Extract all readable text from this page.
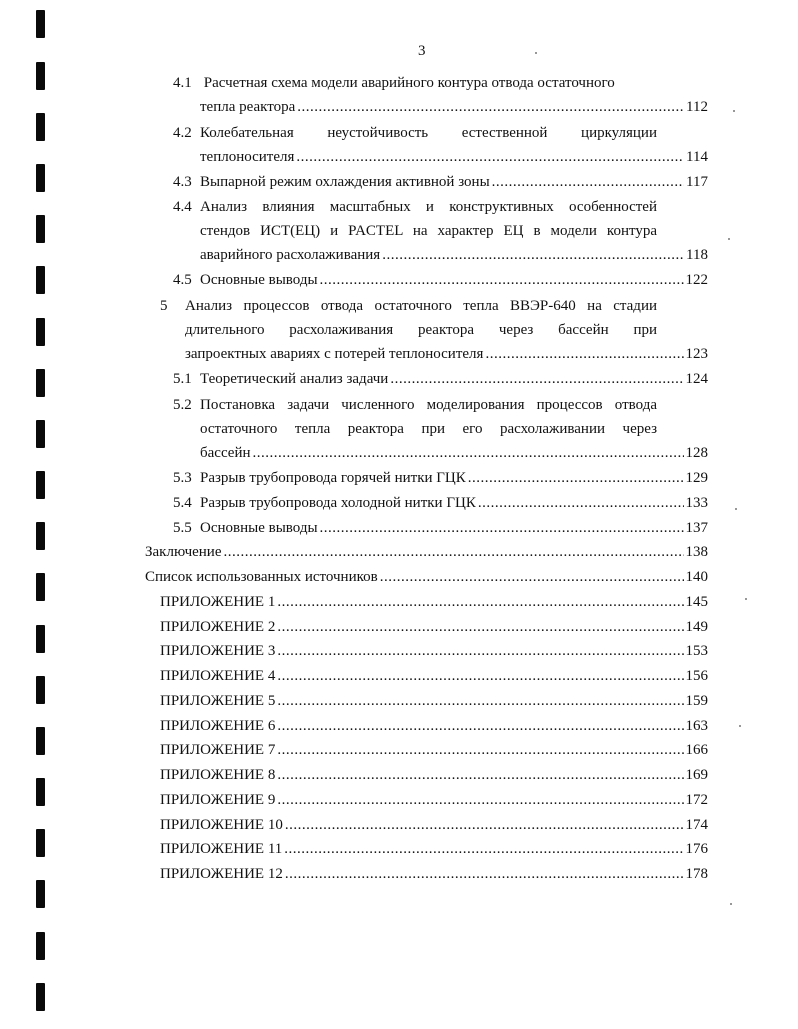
3
4.1 Расчетная схема модели аварийного контура отвода остаточного
тепла реактора .....	112
4.2 Колебательная неустойчивость естественной циркуляции
теплоносителя .....	114
4.3 Выпарной режим охлаждения активной зоны .....	117
4.4 Анализ влияния масштабных и конструктивных особенностей
стендов ИСТ(ЕЦ) и PACTEL на характер ЕЦ в модели контура
аварийного расхолаживания .....	118
4.5 Основные выводы .....	122
5	Анализ процессов отвода остаточного тепла ВВЭР-640 на стадии
длительного расхолаживания реактора через бассейн при
запроектных авариях с потерей теплоносителя .....	123
5.1 Теоретический анализ задачи .....	124
5.2 Постановка задачи численного моделирования процессов отвода
остаточного тепла реактора при его расхолаживании через
бассейн .....	128
5.3 Разрыв трубопровода горячей нитки ГЦК .....	129
5.4 Разрыв трубопровода холодной нитки ГЦК .....	133
5.5 Основные выводы .....	137
Заключение .....	138
Список использованных источников .....	140
ПРИЛОЖЕНИЕ 1 .....	145
ПРИЛОЖЕНИЕ 2 .....	149
ПРИЛОЖЕНИЕ 3 .....	153
ПРИЛОЖЕНИЕ 4 .....	156
ПРИЛОЖЕНИЕ 5 .....	159
ПРИЛОЖЕНИЕ 6 .....	163
ПРИЛОЖЕНИЕ 7 .....	166
ПРИЛОЖЕНИЕ 8 .....	169
ПРИЛОЖЕНИЕ 9 .....	172
ПРИЛОЖЕНИЕ 10 .....	174
ПРИЛОЖЕНИЕ 11 .....	176
ПРИЛОЖЕНИЕ 12 .....	178
